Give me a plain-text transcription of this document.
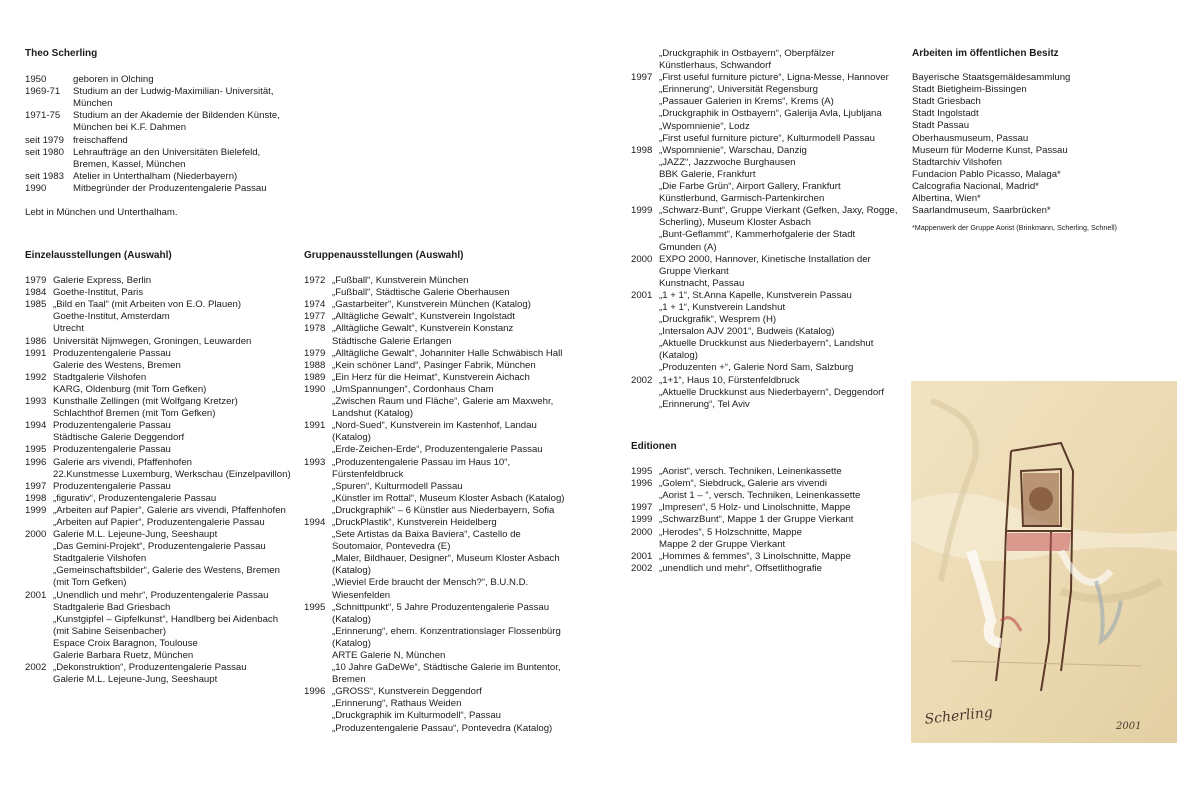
Theo Scherling
1950	geboren in Olching
1969-71	Studium an der Ludwig-Maximilian- Universität,
München
1971-75	Studium an der Akademie der Bildenden Künste,
München bei K.F. Dahmen
seit 1979 freischaffend
seit 1980 Lehraufträge an den Universitäten Bielefeld,
Bremen, Kassel, München
seit 1983 Atelier in Unterthalham (Niederbayern)
1990	Mitbegründer der Produzentengalerie Passau

Lebt in München und Unterthalham.

Einzelausstellungen (Auswahl)
1979 Galerie Express, Berlin
1984 Goethe-Institut, Paris
1985 „Bild en Taal“ (mit Arbeiten von E.O. Plauen)
Goethe-Institut, Amsterdam
Utrecht
1986 Universität Nijmwegen, Groningen, Leuwarden
1991 Produzentengalerie Passau
Galerie des Westens, Bremen
1992 Stadtgalerie Vilshofen
KARG, Oldenburg (mit Tom Gefken)
1993 Kunsthalle Zellingen (mit Wolfgang Kretzer)
Schlachthof Bremen (mit Tom Gefken)
1994 Produzentengalerie Passau
Städtische Galerie Deggendorf
1995 Produzentengalerie Passau
1996 Galerie ars vivendi, Pfaffenhofen
22.Kunstmesse Luxemburg, Werkschau (Einzelpavillon)
1997 Produzentengalerie Passau
1998 „figurativ“, Produzentengalerie Passau
1999 „Arbeiten auf Papier“, Galerie ars vivendi, Pfaffenhofen
„Arbeiten auf Papier“, Produzentengalerie Passau
2000 Galerie M.L. Lejeune-Jung, Seeshaupt
„Das Gemini-Projekt“, Produzentengalerie Passau
Stadtgalerie Vilshofen
„Gemeinschaftsbilder“, Galerie des Westens, Bremen
(mit Tom Gefken)
2001 „Unendlich und mehr“, Produzentengalerie Passau
Stadtgalerie Bad Griesbach
„Kunstgipfel – Gipfelkunst“, Handlberg bei Aidenbach
(mit Sabine Seisenbacher)
Espace Croix Baragnon, Toulouse
Galerie Barbara Ruetz, München
2002 „Dekonstruktion“, Produzentengalerie Passau
Galerie M.L. Lejeune-Jung, Seeshaupt
Gruppenausstellungen (Auswahl)
1972 „Fußball“, Kunstverein München
„Fußball“, Städtische Galerie Oberhausen
1974 „Gastarbeiter“, Kunstverein München (Katalog)
1977 „Alltägliche Gewalt“, Kunstverein Ingolstadt
1978 „Alltägliche Gewalt“, Kunstverein Konstanz
Städtische Galerie Erlangen
1979 „Alltägliche Gewalt“, Johanniter Halle Schwäbisch Hall
1988 „Kein schöner Land“, Pasinger Fabrik, München
1989 „Ein Herz für die Heimat“, Kunstverein Aichach
1990 „UmSpannungen“, Cordonhaus Cham
„Zwischen Raum und Fläche“, Galerie am Maxwehr,
Landshut (Katalog)
1991 „Nord-Sued“, Kunstverein im Kastenhof, Landau
(Katalog)
„Erde-Zeichen-Erde“, Produzentengalerie Passau
1993 „Produzentengalerie Passau im Haus 10“,
Fürstenfeldbruck
„Spuren“, Kulturmodell Passau
„Künstler im Rottal“, Museum Kloster Asbach (Katalog)
„Druckgraphik“ – 6 Künstler aus Niederbayern, Sofia
1994 „DruckPlastik“, Kunstverein Heidelberg
„Sete Artistas da Baixa Baviera“, Castello de
Soutomaior, Pontevedra (E)
„Maler, Bildhauer, Designer“, Museum Kloster Asbach
(Katalog)
„Wieviel Erde braucht der Mensch?“, B.U.N.D.
Wiesenfelden
1995 „Schnittpunkt“, 5 Jahre Produzentengalerie Passau
(Katalog)
„Erinnerung“, ehem. Konzentrationslager Flossenbürg
(Katalog)
ARTE Galerie N, München
„10 Jahre GaDeWe“, Städtische Galerie im Buntentor,
Bremen
1996 „GROSS“, Kunstverein Deggendorf
„Erinnerung“, Rathaus Weiden
„Druckgraphik im Kulturmodell“, Passau
„Produzentengalerie Passau“, Pontevedra (Katalog)
„Druckgraphik in Ostbayern“, Oberpfälzer
Künstlerhaus, Schwandorf
1997 „First useful furniture picture“, Ligna-Messe, Hannover
„Erinnerung“, Universität Regensburg
„Passauer Galerien in Krems“, Krems (A)
„Druckgraphik in Ostbayern“, Galerija Avla, Ljubljana
„Wspomnienie“, Lodz
„First useful furniture picture“, Kulturmodell Passau
1998 „Wspomnienie“, Warschau, Danzig
„JAZZ“, Jazzwoche Burghausen
BBK Galerie, Frankfurt
„Die Farbe Grün“, Airport Gallery, Frankfurt
Künstlerbund, Garmisch-Partenkirchen
1999 „Schwarz-Bunt“, Gruppe Vierkant (Gefken, Jaxy, Rogge,
Scherling), Museum Kloster Asbach
„Bunt-Geflammt“, Kammerhofgalerie der Stadt
Gmunden (A)
2000 EXPO 2000, Hannover, Kinetische Installation der
Gruppe Vierkant
Kunstnacht, Passau
2001 „1 + 1“, St.Anna Kapelle, Kunstverein Passau
„1 + 1“, Kunstverein Landshut
„Druckgrafik“, Wesprem (H)
„Intersalon AJV 2001“, Budweis (Katalog)
„Aktuelle Druckkunst aus Niederbayern“, Landshut
(Katalog)
„Produzenten +“, Galerie Nord Sam, Salzburg
2002 „1+1“, Haus 10, Fürstenfeldbruck
„Aktuelle Druckkunst aus Niederbayern“, Deggendorf
„Erinnerung“, Tel Aviv
Editionen
1995 „Aorist“, versch. Techniken, Leinenkassette
1996 „Golem“, Siebdruck„ Galerie ars vivendi
„Aorist 1 – “, versch. Techniken, Leinenkassette
1997 „Impresen“, 5 Holz- und Linolschnitte, Mappe
1999 „SchwarzBunt“, Mappe 1 der Gruppe Vierkant
2000 „Herodes“, 5 Holzschnitte, Mappe
Mappe 2 der Gruppe Vierkant
2001 „Hommes & femmes“, 3 Linolschnitte, Mappe
2002 „unendlich und mehr“, Offsetlithografie
Arbeiten im öffentlichen Besitz
Bayerische Staatsgemäldesammlung
Stadt Bietigheim-Bissingen
Stadt Griesbach
Stadt Ingolstadt
Stadt Passau
Oberhausmuseum, Passau
Museum für Moderne Kunst, Passau
Stadtarchiv Vilshofen
Fundacion Pablo Picasso, Malaga*
Calcografia Nacional, Madrid*
Albertina, Wien*
Saarlandmuseum, Saarbrücken*
*Mappenwerk der Gruppe Aorist (Brinkmann, Scherling, Schnell)
Scherling	2001
